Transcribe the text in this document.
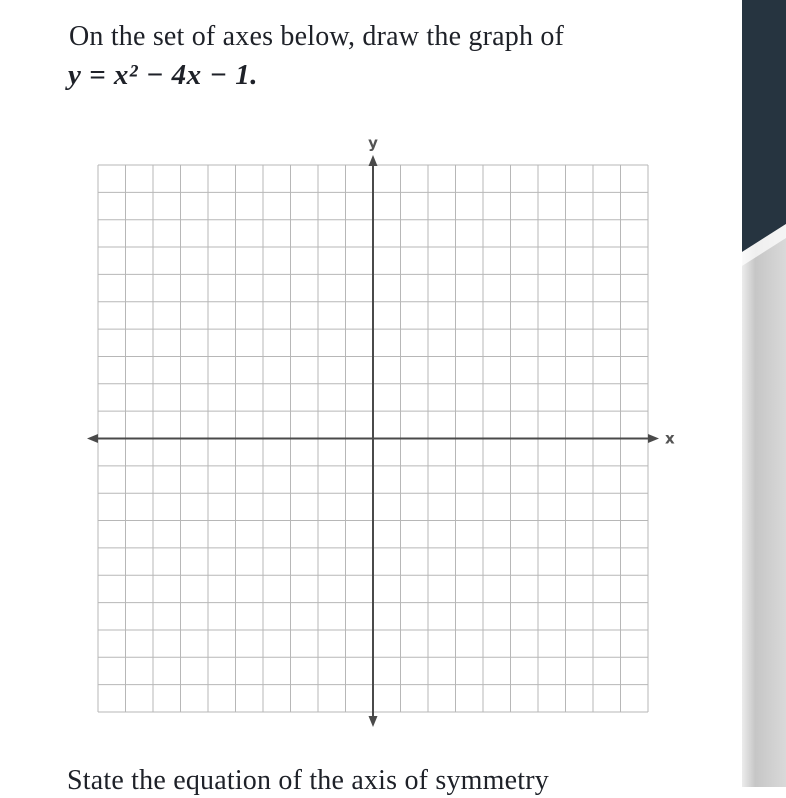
On the set of axes below, draw the graph of
y = x² − 4x − 1.
y
x
State the equation of the axis of symmetry
